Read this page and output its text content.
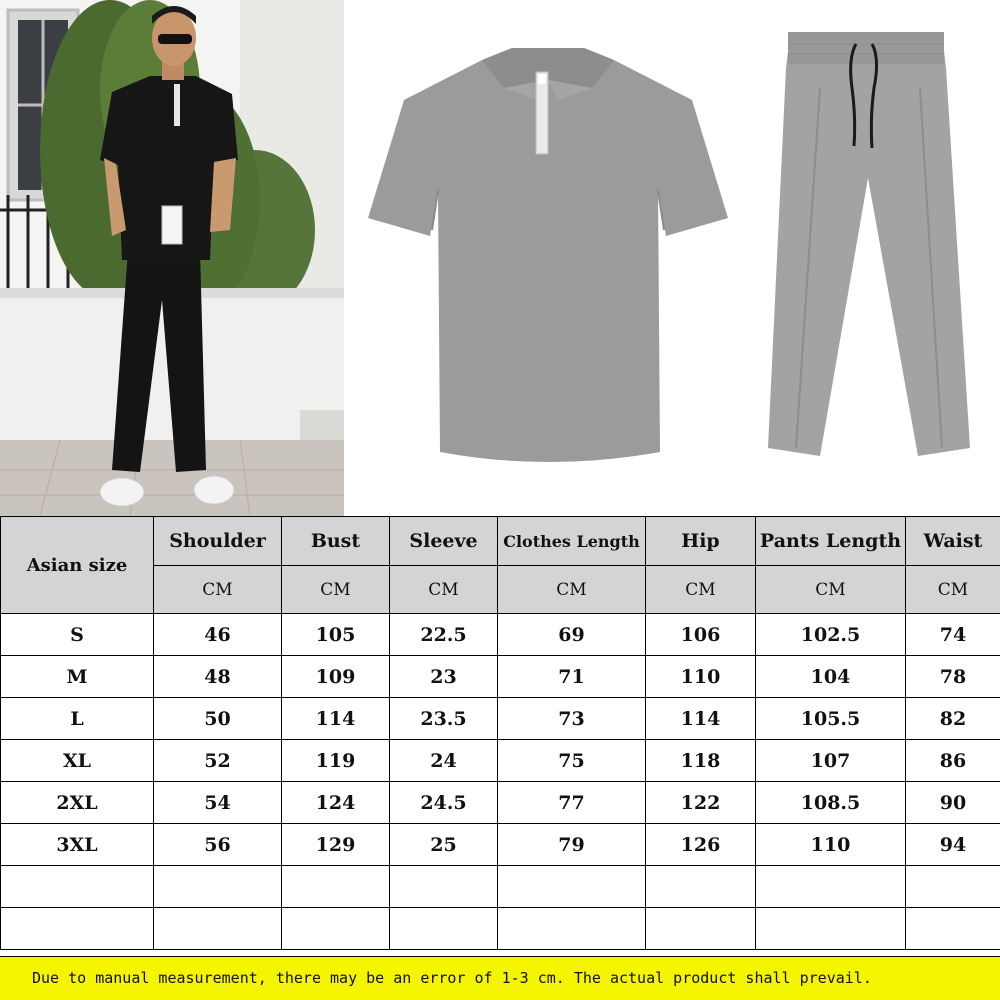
Asian size	Shoulder	Bust	Sleeve	Clothes Length	Hip	Pants Length	Waist
	CM	CM	CM	CM	CM	CM	CM
S	46	105	22.5	69	106	102.5	74
M	48	109	23	71	110	104	78
L	50	114	23.5	73	114	105.5	82
XL	52	119	24	75	118	107	86
2XL	54	124	24.5	77	122	108.5	90
3XL	56	129	25	79	126	110	94

Due to manual measurement, there may be an error of 1-3 cm. The actual product shall prevail.
